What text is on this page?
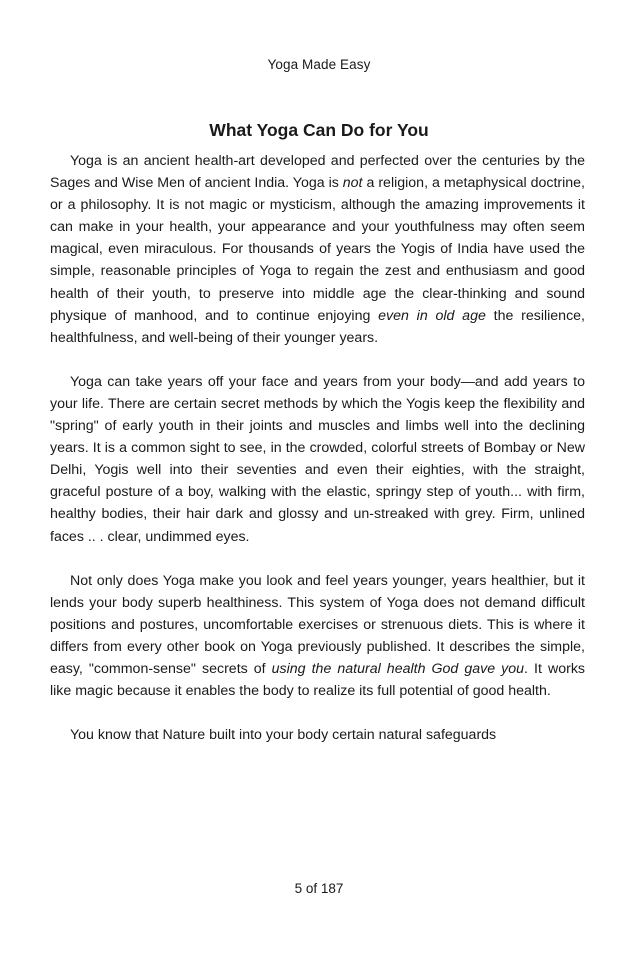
Yoga Made Easy
What Yoga Can Do for You

Yoga is an ancient health-art developed and perfected over the centuries by the Sages and Wise Men of ancient India. Yoga is not a religion, a metaphysical doctrine, or a philosophy. It is not magic or mysticism, although the amazing improvements it can make in your health, your appearance and your youthfulness may often seem magical, even miraculous. For thousands of years the Yogis of India have used the simple, reasonable principles of Yoga to regain the zest and enthusiasm and good health of their youth, to preserve into middle age the clear-thinking and sound physique of manhood, and to continue enjoying even in old age the resilience, healthfulness, and well-being of their younger years.

Yoga can take years off your face and years from your body—and add years to your life. There are certain secret methods by which the Yogis keep the flexibility and "spring" of early youth in their joints and muscles and limbs well into the declining years. It is a common sight to see, in the crowded, colorful streets of Bombay or New Delhi, Yogis well into their seventies and even their eighties, with the straight, graceful posture of a boy, walking with the elastic, springy step of youth... with firm, healthy bodies, their hair dark and glossy and un-streaked with grey. Firm, unlined faces .. . clear, undimmed eyes.

Not only does Yoga make you look and feel years younger, years healthier, but it lends your body superb healthiness. This system of Yoga does not demand difficult positions and postures, uncomfortable exercises or strenuous diets. This is where it differs from every other book on Yoga previously published. It describes the simple, easy, "common-sense" secrets of using the natural health God gave you. It works like magic because it enables the body to realize its full potential of good health.

You know that Nature built into your body certain natural safeguards

5 of 187
